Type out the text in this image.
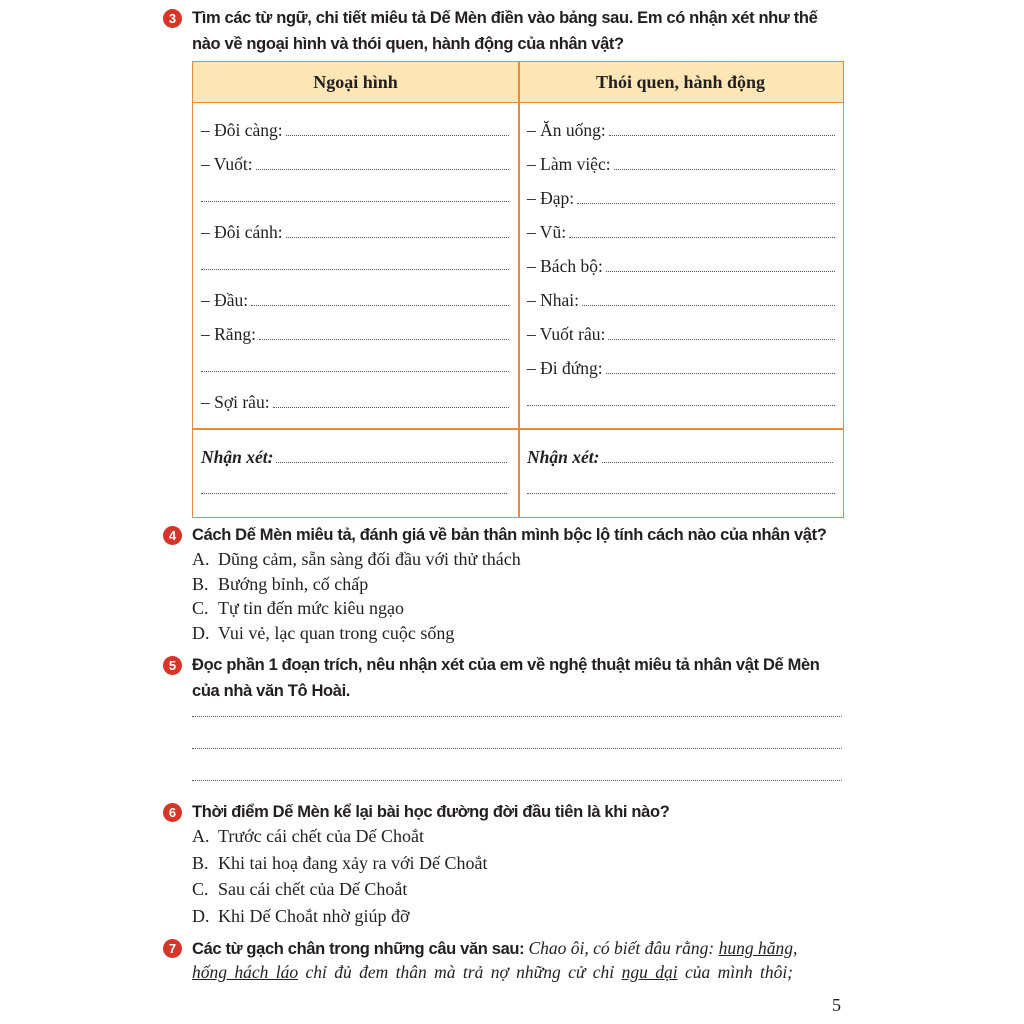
3 Tìm các từ ngữ, chi tiết miêu tả Dế Mèn điền vào bảng sau. Em có nhận xét như thế
nào về ngoại hình và thói quen, hành động của nhân vật?
Ngoại hình	Thói quen, hành động
– Đôi càng:
– Vuốt:
– Đôi cánh:
– Đầu:
– Răng:
– Sợi râu:
– Ăn uống:
– Làm việc:
– Đạp:
– Vũ:
– Bách bộ:
– Nhai:
– Vuốt râu:
– Đi đứng:
Nhận xét:	Nhận xét:
4 Cách Dế Mèn miêu tả, đánh giá về bản thân mình bộc lộ tính cách nào của nhân vật?
A. Dũng cảm, sẵn sàng đối đầu với thử thách
B. Bướng bỉnh, cố chấp
C. Tự tin đến mức kiêu ngạo
D. Vui vẻ, lạc quan trong cuộc sống
5 Đọc phần 1 đoạn trích, nêu nhận xét của em về nghệ thuật miêu tả nhân vật Dế Mèn
của nhà văn Tô Hoài.
6 Thời điểm Dế Mèn kể lại bài học đường đời đầu tiên là khi nào?
A. Trước cái chết của Dế Choắt
B. Khi tai hoạ đang xảy ra với Dế Choắt
C. Sau cái chết của Dế Choắt
D. Khi Dế Choắt nhờ giúp đỡ
7 Các từ gạch chân trong những câu văn sau: Chao ôi, có biết đâu rằng: hung hăng,
hống hách láo chỉ đủ đem thân mà trả nợ những cử chỉ ngu dại của mình thôi;
5
